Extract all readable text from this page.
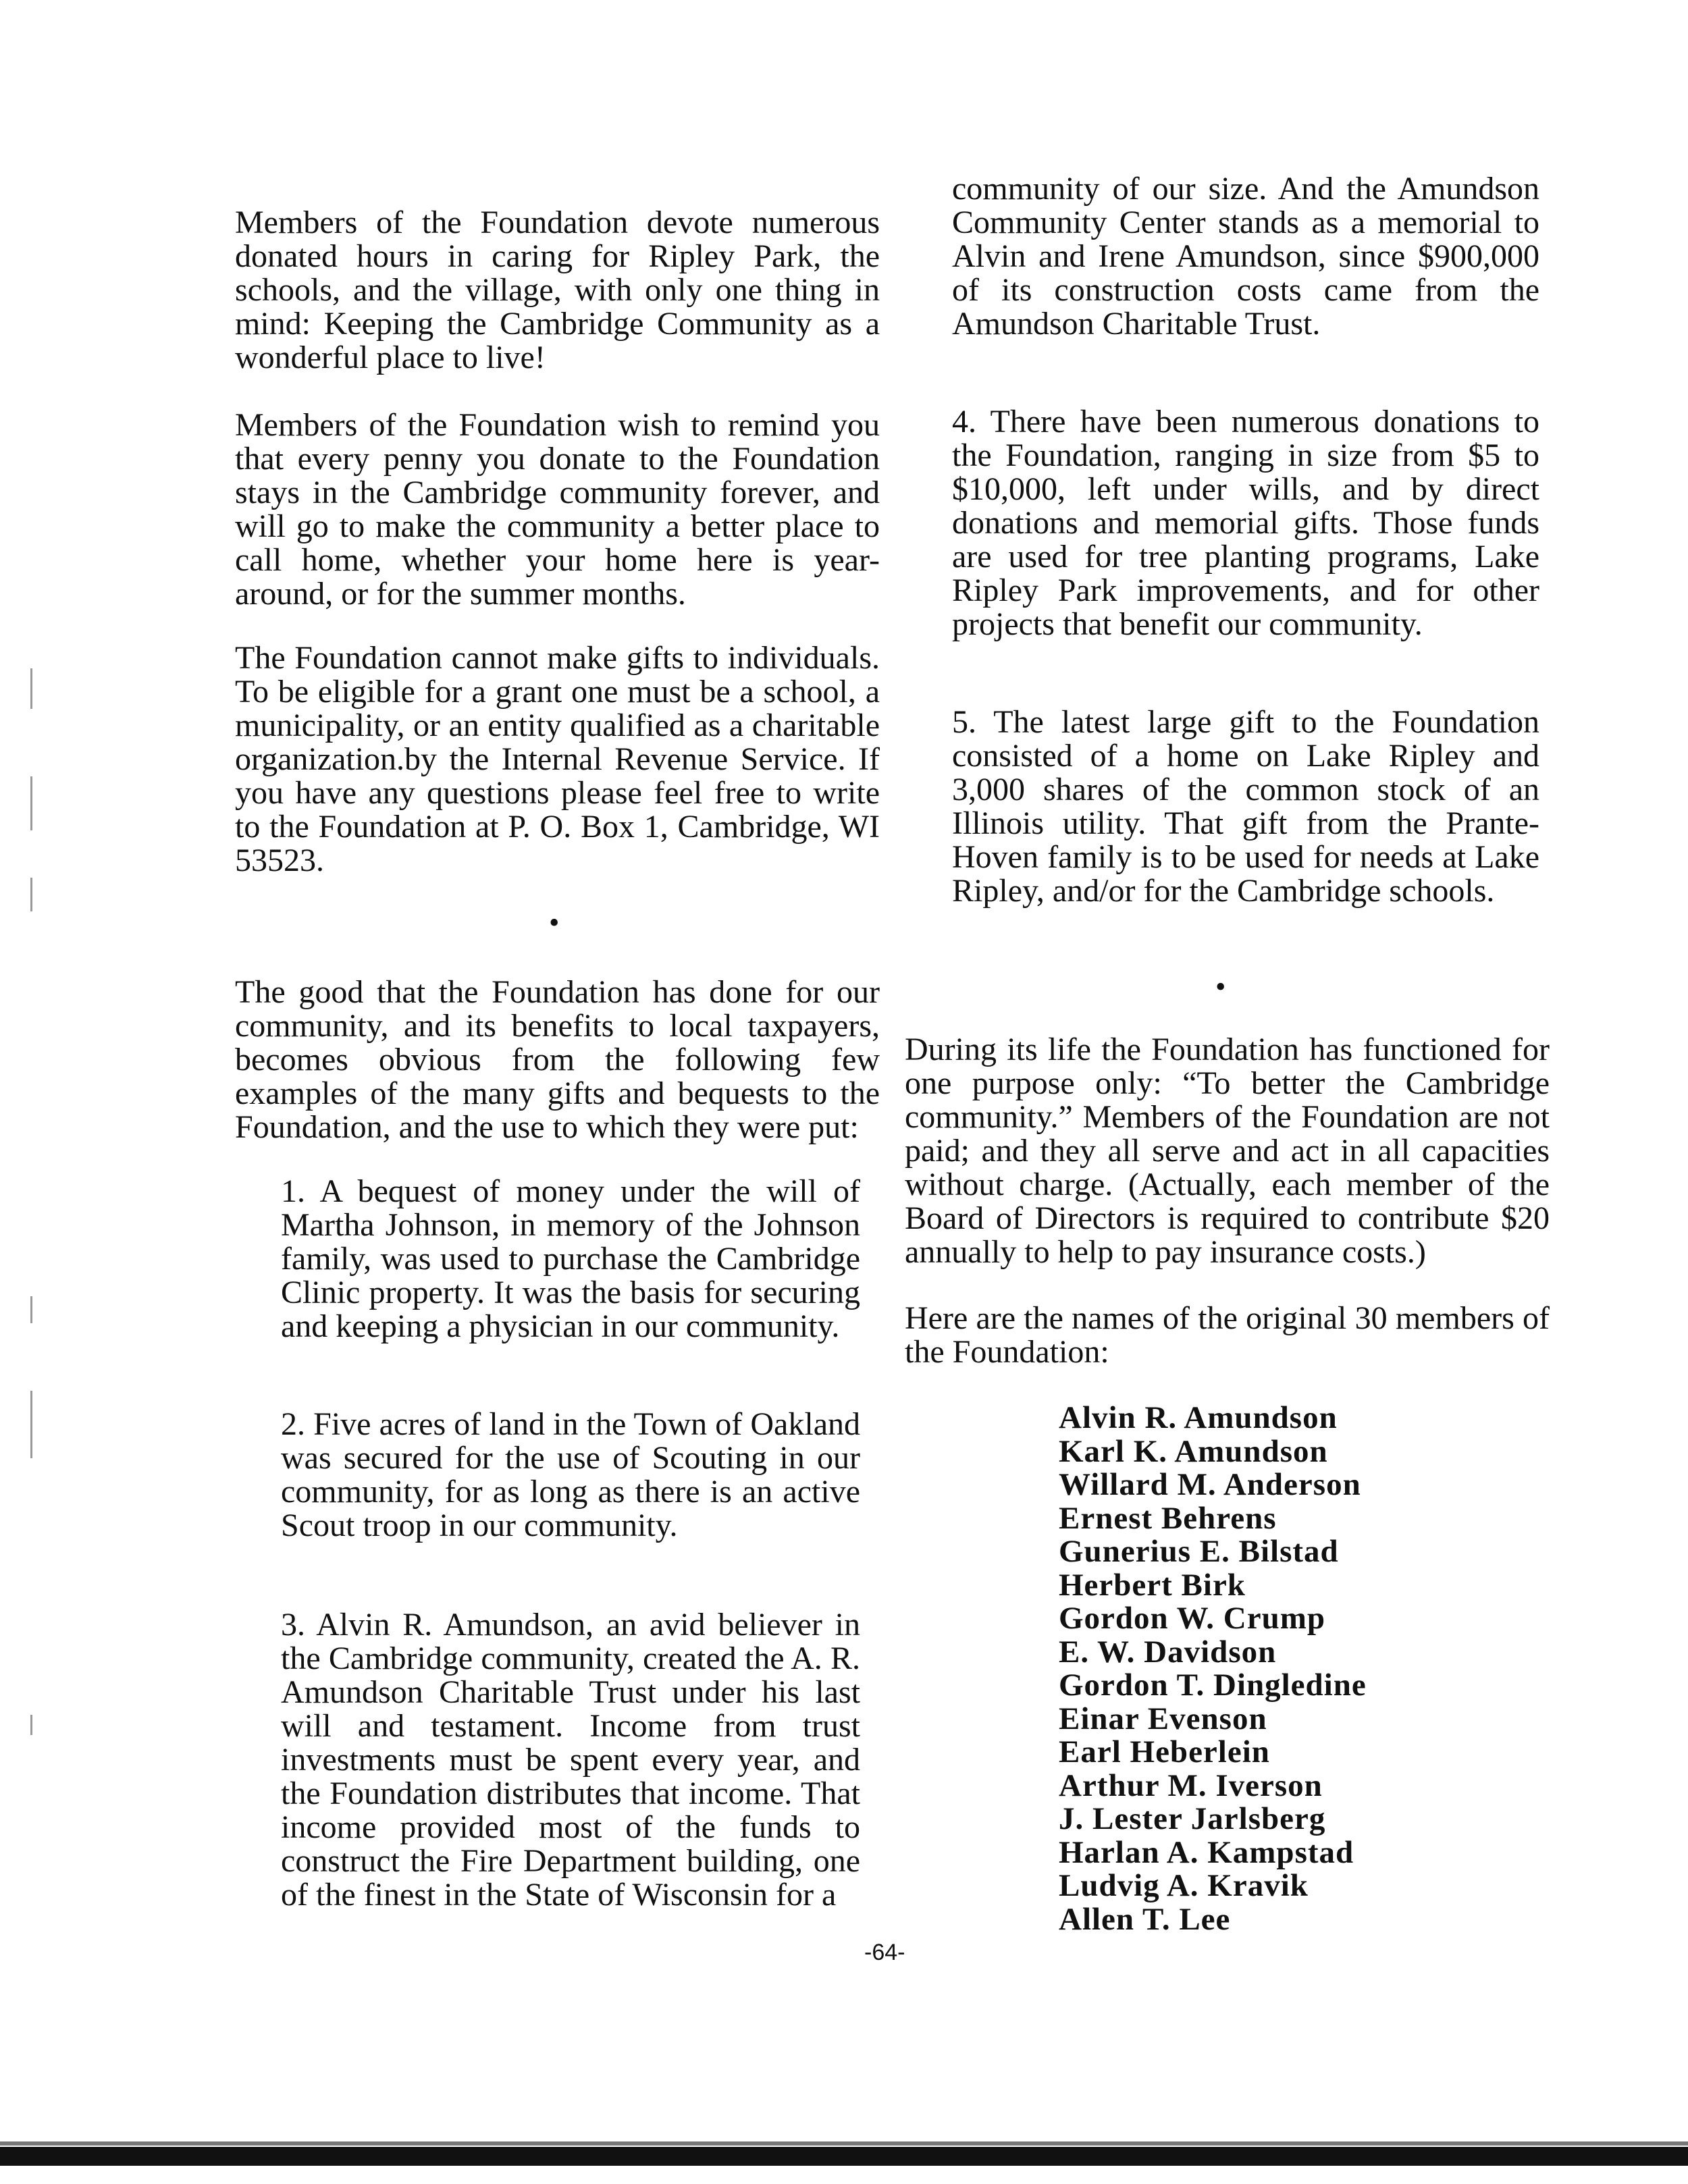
Members of the Foundation devote numerous donated hours in caring for Ripley Park, the schools, and the village, with only one thing in mind: Keeping the Cambridge Community as a wonderful place to live!

Members of the Foundation wish to remind you that every penny you donate to the Foundation stays in the Cambridge community forever, and will go to make the community a better place to call home, whether your home here is year-around, or for the summer months.

The Foundation cannot make gifts to individuals. To be eligible for a grant one must be a school, a municipality, or an entity qualified as a charitable organization.by the Internal Revenue Service. If you have any questions please feel free to write to the Foundation at P. O. Box 1, Cambridge, WI 53523.

•

The good that the Foundation has done for our community, and its benefits to local taxpayers, becomes obvious from the following few examples of the many gifts and bequests to the Foundation, and the use to which they were put:

1. A bequest of money under the will of Martha Johnson, in memory of the Johnson family, was used to purchase the Cambridge Clinic property. It was the basis for securing and keeping a physician in our community.

2. Five acres of land in the Town of Oakland was secured for the use of Scouting in our community, for as long as there is an active Scout troop in our community.

3. Alvin R. Amundson, an avid believer in the Cambridge community, created the A. R. Amundson Charitable Trust under his last will and testament. Income from trust investments must be spent every year, and the Foundation distributes that income. That income provided most of the funds to construct the Fire Department building, one of the finest in the State of Wisconsin for a

community of our size. And the Amundson Community Center stands as a memorial to Alvin and Irene Amundson, since $900,000 of its construction costs came from the Amundson Charitable Trust.

4. There have been numerous donations to the Foundation, ranging in size from $5 to $10,000, left under wills, and by direct donations and memorial gifts. Those funds are used for tree planting programs, Lake Ripley Park improvements, and for other projects that benefit our community.

5. The latest large gift to the Foundation consisted of a home on Lake Ripley and 3,000 shares of the common stock of an Illinois utility. That gift from the Prante-Hoven family is to be used for needs at Lake Ripley, and/or for the Cambridge schools.

•

During its life the Foundation has functioned for one purpose only: “To better the Cambridge community.” Members of the Foundation are not paid; and they all serve and act in all capacities without charge. (Actually, each member of the Board of Directors is required to contribute $20 annually to help to pay insurance costs.)

Here are the names of the original 30 members of the Foundation:

Alvin R. Amundson
Karl K. Amundson
Willard M. Anderson
Ernest Behrens
Gunerius E. Bilstad
Herbert Birk
Gordon W. Crump
E. W. Davidson
Gordon T. Dingledine
Einar Evenson
Earl Heberlein
Arthur M. Iverson
J. Lester Jarlsberg
Harlan A. Kampstad
Ludvig A. Kravik
Allen T. Lee
-64-
